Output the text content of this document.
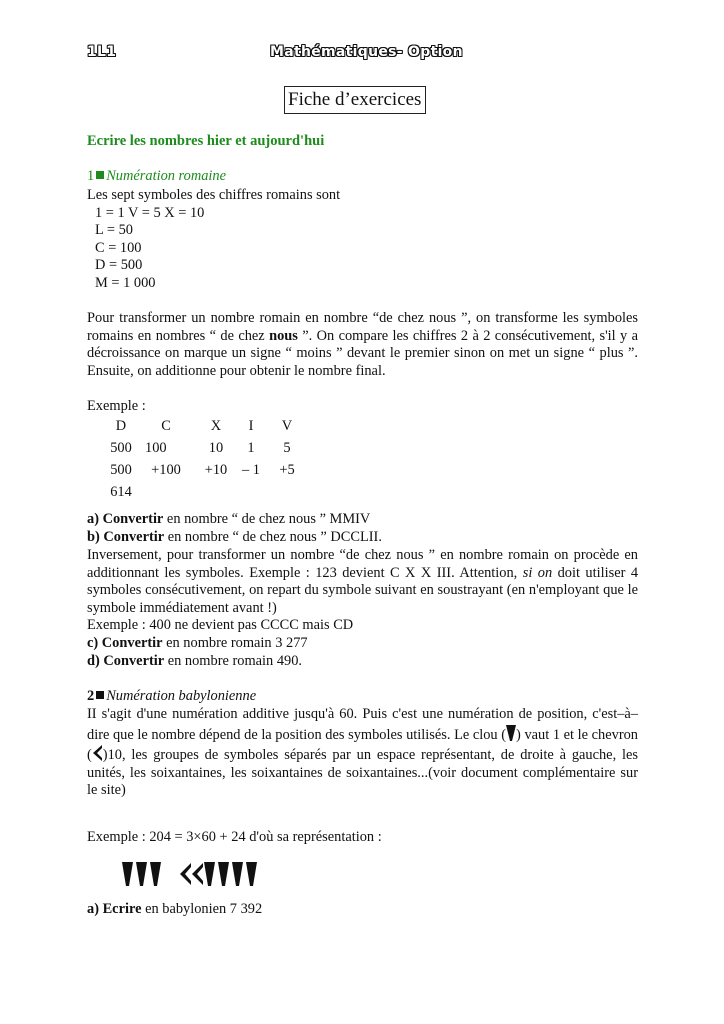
1L1	Mathématiques- Option
Fiche d’exercices
Ecrire les nombres hier et aujourd'hui
1 Numération romaine
Les sept symboles des chiffres romains sont
1 = 1 V = 5 X = 10
L = 50
C = 100
D = 500
M = 1 000
Pour transformer un nombre romain en nombre “de chez nous ”, on transforme les symboles romains en nombres “ de chez nous ”. On compare les chiffres 2 à 2 consécutivement, s'il y a décroissance on marque un signe “ moins ” devant le premier sinon on met un signe “ plus ”. Ensuite, on additionne pour obtenir le nombre final.
Exemple :
D	C	X	I	V
500	100	10	1	5
500	+100	+10	– 1	+5
614				
a) Convertir en nombre “ de chez nous ” MMIV
b) Convertir en nombre “ de chez nous ” DCCLII.
Inversement, pour transformer un nombre “de chez nous ” en nombre romain on procède en additionnant les symboles. Exemple : 123 devient C X X III. Attention, si on doit utiliser 4 symboles consécutivement, on repart du symbole suivant en soustrayant (en n'employant que le symbole immédiatement avant !)
Exemple : 400 ne devient pas CCCC mais CD
c) Convertir en nombre romain 3 277
d) Convertir en nombre romain 490.
2 Numération babylonienne
II s'agit d'une numération additive jusqu'à 60. Puis c'est une numération de position, c'est–à–dire que le nombre dépend de la position des symboles utilisés. Le clou ( ) vaut 1 et le chevron ( )10, les groupes de symboles séparés par un espace représentant, de droite à gauche, les unités, les soixantaines, les soixantaines de soixantaines...(voir document complémentaire sur le site)
Exemple : 204 = 3×60 + 24 d'où sa représentation :
a) Ecrire en babylonien 7 392
